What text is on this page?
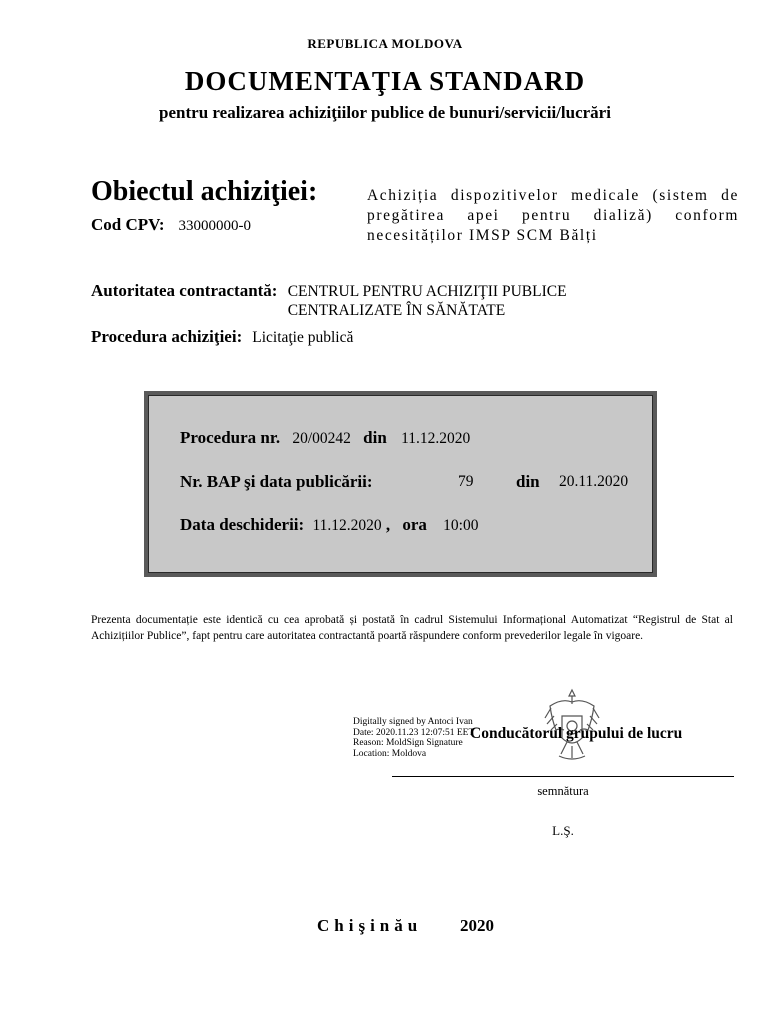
REPUBLICA MOLDOVA
DOCUMENTAŢIA STANDARD
pentru realizarea achiziţiilor publice de bunuri/servicii/lucrări
Obiectul achiziţiei:
Cod CPV: 33000000-0
Achiziția dispozitivelor medicale (sistem de pregătirea apei pentru dializă) conform necesităților IMSP SCM Bălți
Autoritatea contractantă: CENTRUL PENTRU ACHIZIŢII PUBLICE
CENTRALIZATE ÎN SĂNĂTATE
Procedura achiziţiei: Licitaţie publică
Procedura nr. 20/00242 din 11.12.2020
Nr. BAP şi data publicării:	79	din 20.11.2020
Data deschiderii: 11.12.2020 , ora 10:00
Prezenta documentație este identică cu cea aprobată și postată în cadrul Sistemului Informațional Automatizat “Registrul de Stat al Achizițiilor Publice”, fapt pentru care autoritatea contractantă poartă răspundere conform prevederilor legale în vigoare.
Digitally signed by Antoci Ivan
Date: 2020.11.23 12:07:51 EET
Reason: MoldSign Signature
Location: Moldova
Conducătorul grupului de lucru
semnătura
L.Ş.
Chişinău 2020
